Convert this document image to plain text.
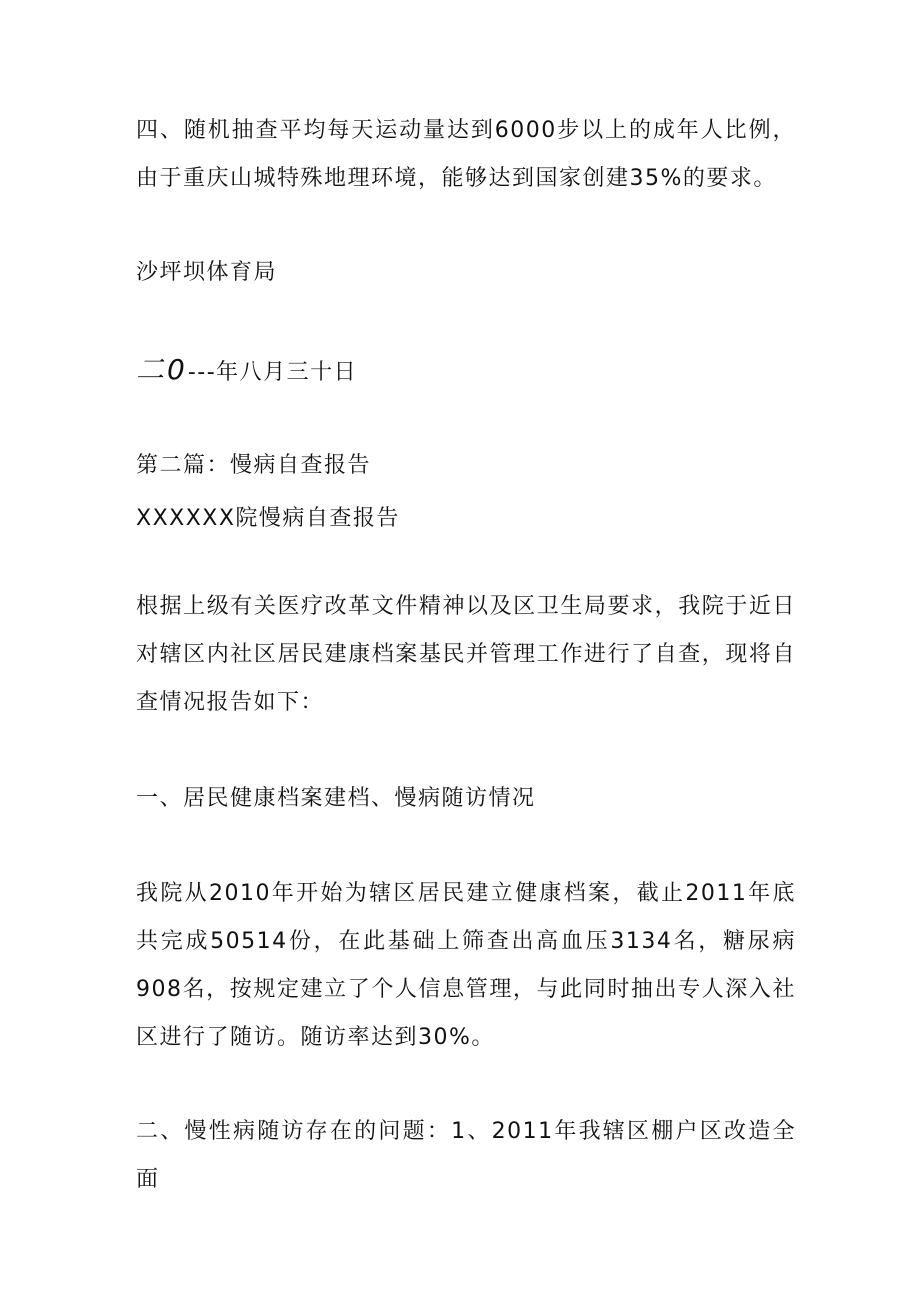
四、随机抽查平均每天运动量达到6000步以上的成年人比例，由于重庆山城特殊地理环境，能够达到国家创建35%的要求。

沙坪坝体育局

二0---年八月三十日

第二篇：慢病自查报告

XXXXXX院慢病自查报告

根据上级有关医疗改革文件精神以及区卫生局要求，我院于近日对辖区内社区居民建康档案基民并管理工作进行了自查，现将自查情况报告如下：

一、居民健康档案建档、慢病随访情况

我院从2010年开始为辖区居民建立健康档案，截止2011年底共完成50514份，在此基础上筛查出高血压3134名，糖尿病908名，按规定建立了个人信息管理，与此同时抽出专人深入社区进行了随访。随访率达到30%。

二、慢性病随访存在的问题：1、2011年我辖区棚户区改造全面
